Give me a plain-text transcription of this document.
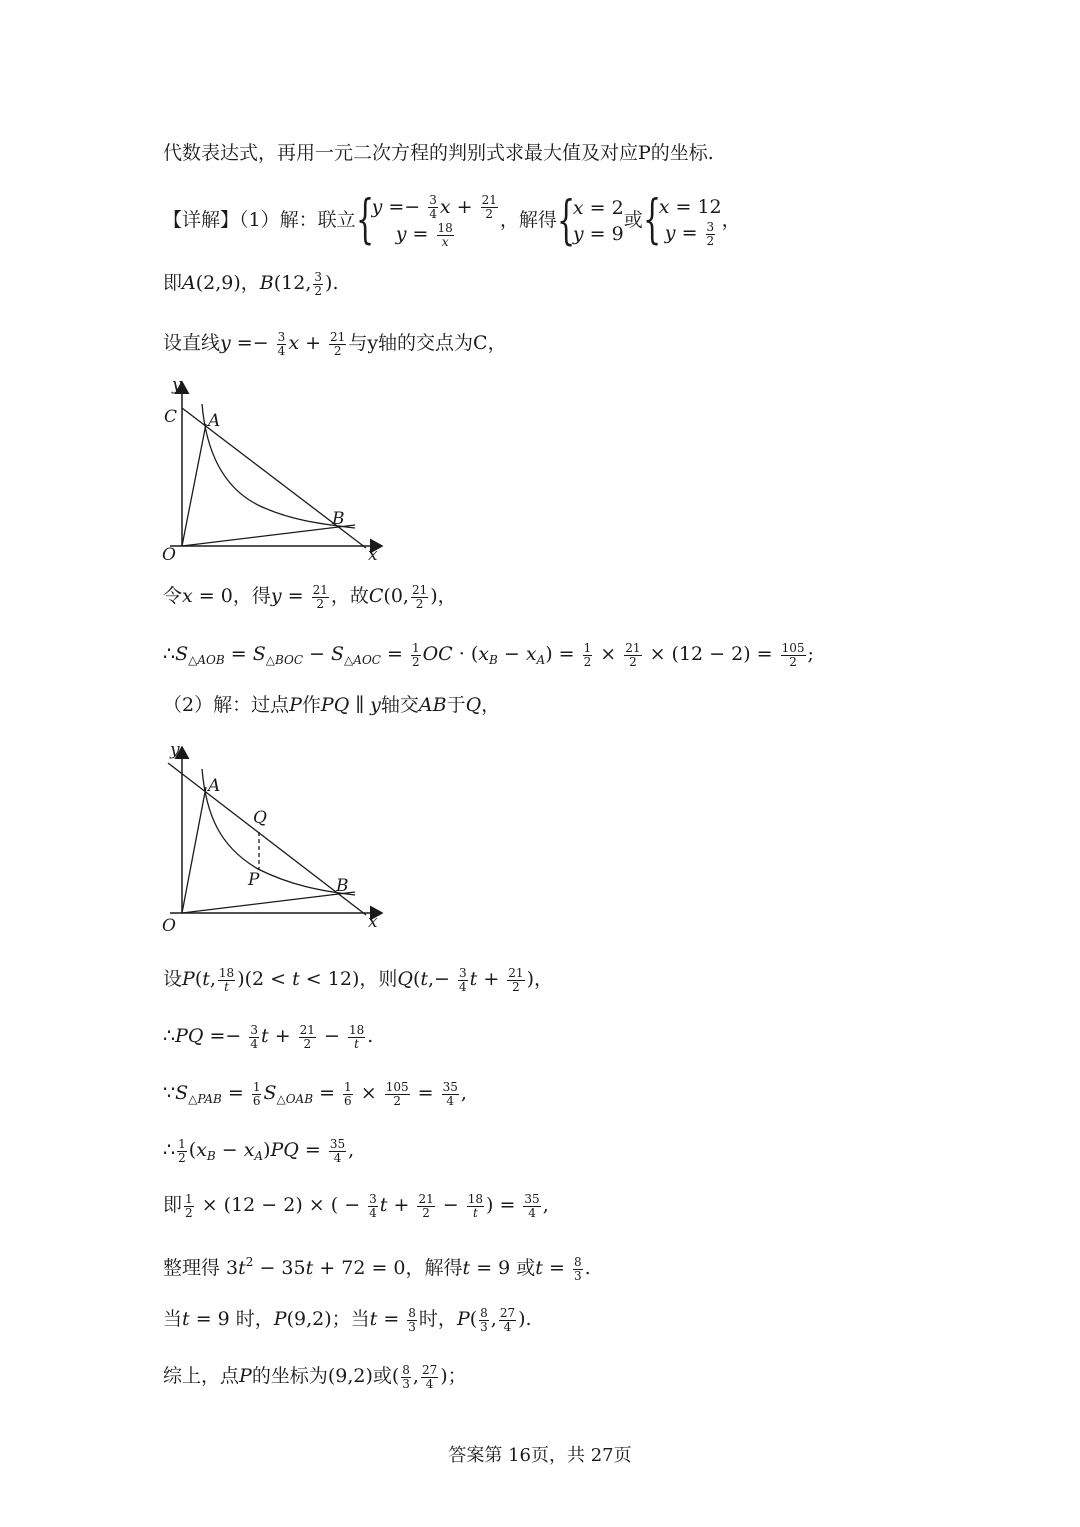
代数表达式，再用一元二次方程的判别式求最大值及对应P的坐标.
【详解】（1）解：联立 {
$y =- \frac{3}{4}$ $x + \frac{21}{2}$
$y = \frac{18}{x}$
，解得 {
x = 2
y = 9
或 {
x = 12
$y = \frac{3}{2}$
，
即A(2,9)，B(12, $\frac{3}{2}$ ).
设直线$y =- \frac{3}{4}$ $x + \frac{21}{2}$ 与y轴的交点为C，
y
C A
B
O	x
令x = 0，得$y = \frac{21}{2}$ ，故C(0, $\frac{21}{2}$ )，
$\therefore S_{\triangle AOB} = S_{\triangle BOC} - S_{\triangle AOC} = \frac{1}{2}$ OC · $(x_B - x_A) = \frac{1}{2} \times \frac{21}{2} \times (12 - 2) = \frac{105}{2}$ ;
（2）解：过点P作PQ ∥ y轴交AB于Q，
y
A
Q
P	B
O	x
设P(t, $\frac{18}{t} )(2 < t < 12)$，则$Q(t,- \frac{3}{4}$ $t + \frac{21}{2}$ )，
∴PQ =− $\frac{3}{4}$ $t + \frac{21}{2} - \frac{18}{t}$ .
$\because S_{\triangle PAB} = \frac{1}{6} S_{\triangle OAB} = \frac{1}{6} \times \frac{105}{2} = \frac{35}{4}$ ,
∴ $\frac{1}{2} (x_B - x_A)PQ = \frac{35}{4}$ ,
即 $\frac{1}{2} \times (12 - 2)$ × ( − $\frac{3}{4}$ $t + \frac{21}{2} - \frac{18}{t}$ ) = $\frac{35}{4}$ ,
整理得 $3t^2 - 35t + 72 = 0$，解得t = 9 或$t = \frac{8}{3}$ .
当t = 9 时，P(9,2)；当$t = \frac{8}{3}$ 时，$P( \frac{8}{3}$ , $\frac{27}{4}$ ).
综上，点P的坐标为(9,2)或( $\frac{8}{3}$ , $\frac{27}{4}$ )；
答案第 16页，共 27页
